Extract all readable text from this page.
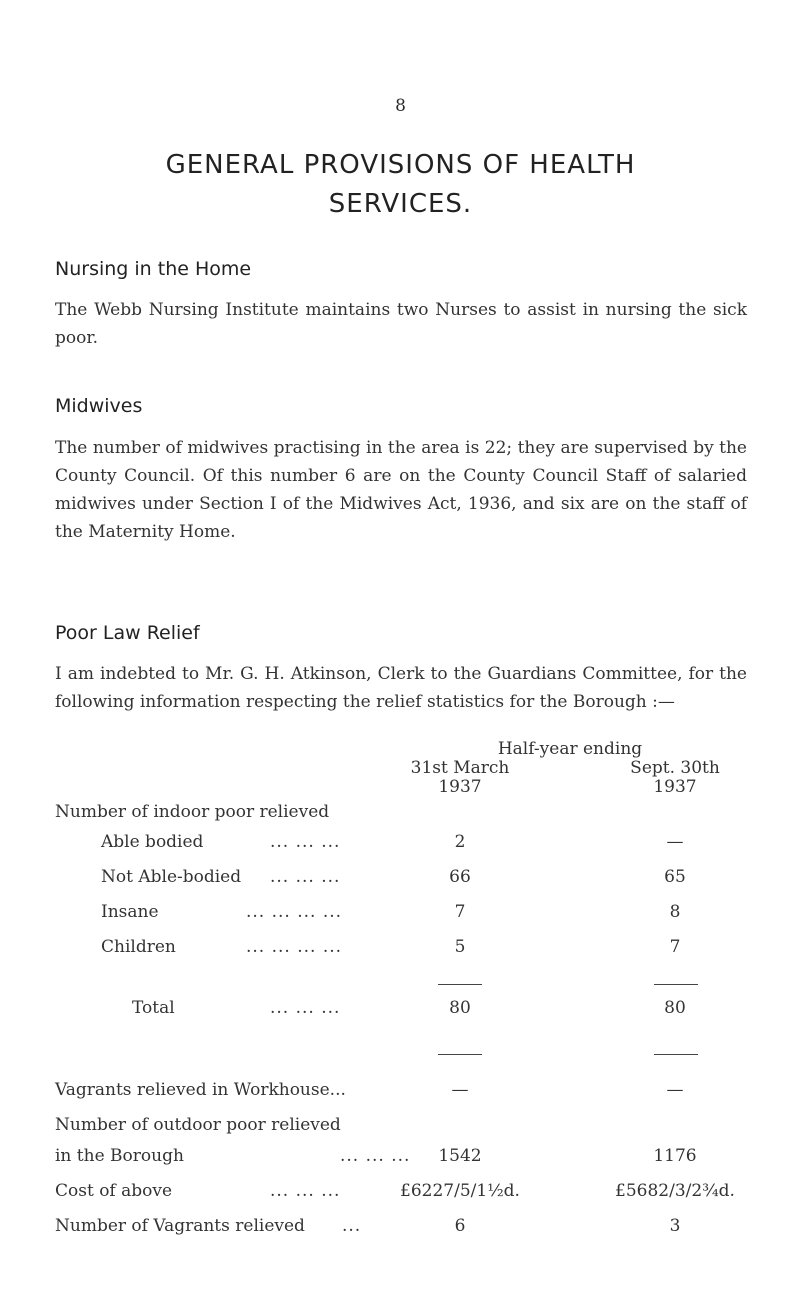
8
GENERAL PROVISIONS OF HEALTH
SERVICES.
Nursing in the Home
The Webb Nursing Institute maintains two Nurses to assist in nursing the sick poor.
Midwives
The number of midwives practising in the area is 22; they are supervised by the County Council. Of this number 6 are on the County Council Staff of salaried midwives under Section I of the Midwives Act, 1936, and six are on the staff of the Maternity Home.
Poor Law Relief
I am indebted to Mr. G. H. Atkinson, Clerk to the Guardians Committee, for the following information respecting the relief statistics for the Borough :—
Half-year ending
31st March
1937
Sept. 30th
1937
Number of indoor poor relieved
Able bodied	... ... ...	2	—
Not Able-bodied ... ... ...	66	65
Insane	... ... ... ...	7	8
Children	... ... ... ...	5	7
Total	... ... ...	80	80
Vagrants relieved in Workhouse...	—	—
Number of outdoor poor relieved
in the Borough	... ... ...	1542	1176
Cost of above	... ... ...	£6227/5/1½d.	£5682/3/2¾d.
Number of Vagrants relieved ...	6	3
